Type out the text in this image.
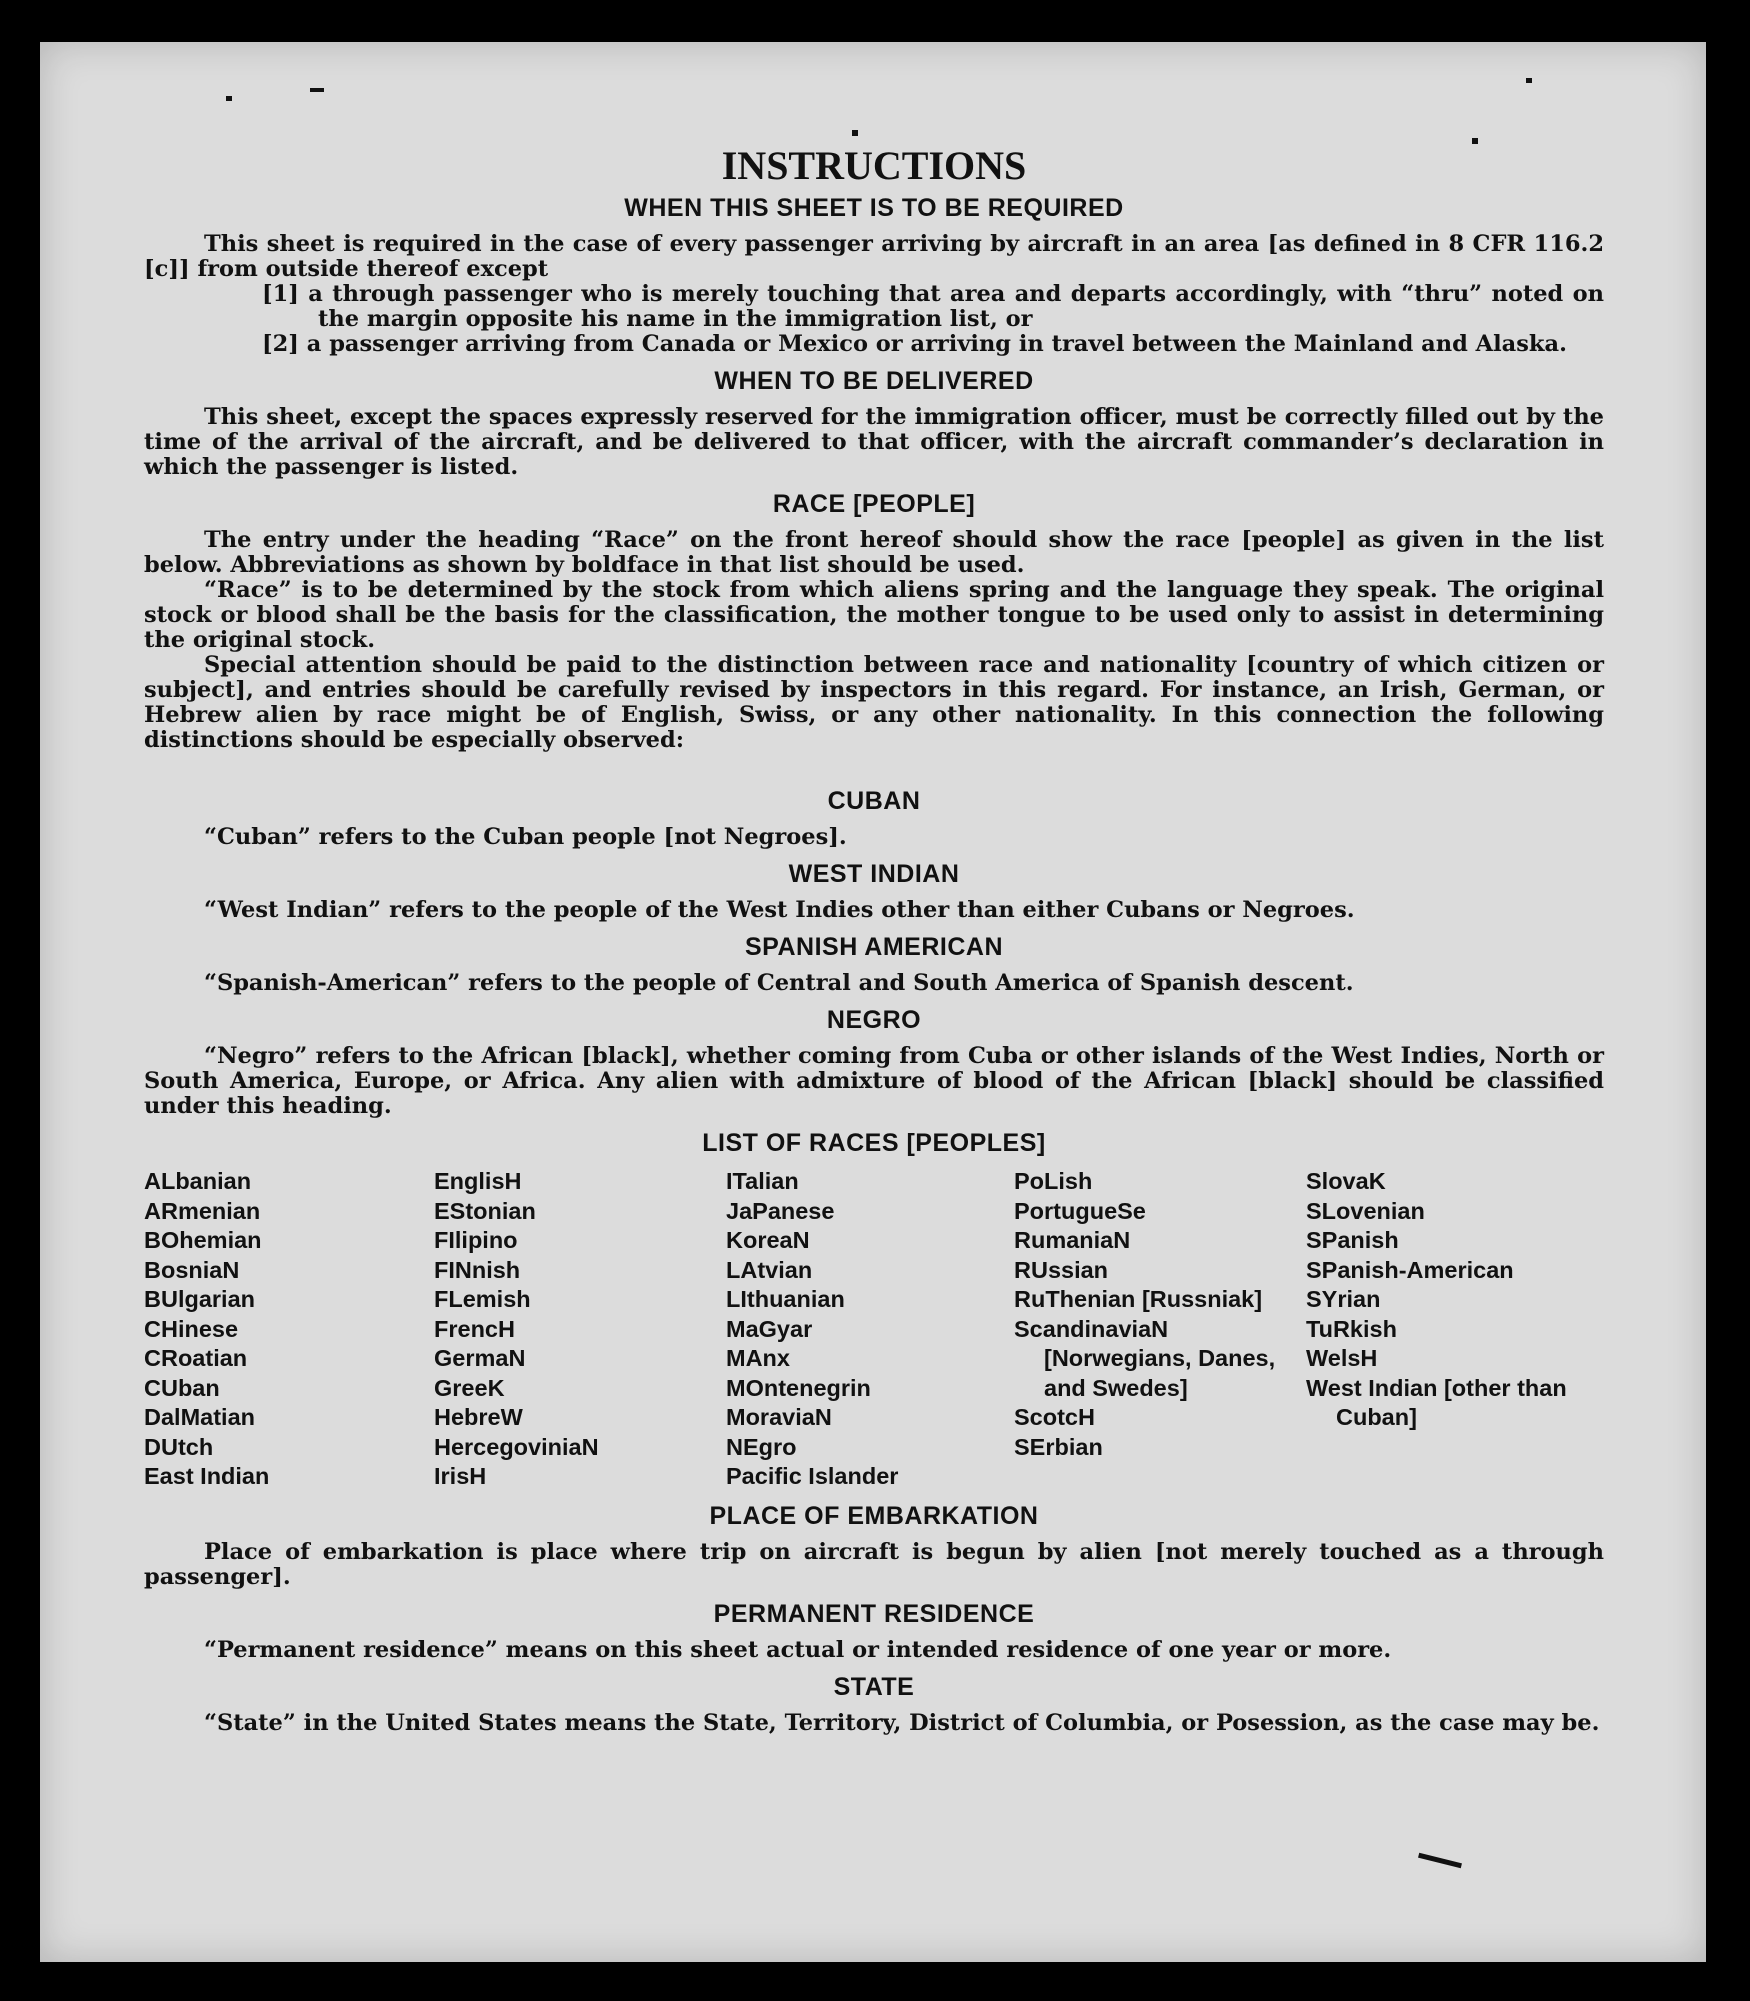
INSTRUCTIONS
WHEN THIS SHEET IS TO BE REQUIRED

This sheet is required in the case of every passenger arriving by aircraft in an area [as defined in 8 CFR 116.2 [c]] from outside thereof except

[1] a through passenger who is merely touching that area and departs accordingly, with “thru” noted on the margin opposite his name in the immigration list, or
[2] a passenger arriving from Canada or Mexico or arriving in travel between the Mainland and Alaska.
WHEN TO BE DELIVERED

This sheet, except the spaces expressly reserved for the immigration officer, must be correctly filled out by the time of the arrival of the aircraft, and be delivered to that officer, with the aircraft commander’s declaration in which the passenger is listed.

RACE [PEOPLE]

The entry under the heading “Race” on the front hereof should show the race [people] as given in the list below. Abbreviations as shown by boldface in that list should be used.

“Race” is to be determined by the stock from which aliens spring and the language they speak. The original stock or blood shall be the basis for the classification, the mother tongue to be used only to assist in determining the original stock.

Special attention should be paid to the distinction between race and nationality [country of which citizen or subject], and entries should be carefully revised by inspectors in this regard. For instance, an Irish, German, or Hebrew alien by race might be of English, Swiss, or any other nationality. In this connection the following distinctions should be especially observed:

CUBAN

“Cuban” refers to the Cuban people [not Negroes].

WEST INDIAN

“West Indian” refers to the people of the West Indies other than either Cubans or Negroes.

SPANISH AMERICAN

“Spanish-American” refers to the people of Central and South America of Spanish descent.

NEGRO

“Negro” refers to the African [black], whether coming from Cuba or other islands of the West Indies, North or South America, Europe, or Africa. Any alien with admixture of blood of the African [black] should be classified under this heading.

LIST OF RACES [PEOPLES]
ALbanian
ARmenian
BOhemian
BosniaN
BUlgarian
CHinese
CRoatian
CUban
DalMatian
DUtch
East Indian
EnglisH
EStonian
FIlipino
FINnish
FLemish
FrencH
GermaN
GreeK
HebreW
HercegoviniaN
IrisH
ITalian
JaPanese
KoreaN
LAtvian
LIthuanian
MaGyar
MAnx
MOntenegrin
MoraviaN
NEgro
Pacific Islander
PoLish
PortugueSe
RumaniaN
RUssian
RuThenian [Russniak]
ScandinaviaN [Norwegians, Danes, and Swedes]
ScotcH
SErbian
SlovaK
SLovenian
SPanish
SPanish-American
SYrian
TuRkish
WelsH
West Indian [other than Cuban]
PLACE OF EMBARKATION

Place of embarkation is place where trip on aircraft is begun by alien [not merely touched as a through passenger].

PERMANENT RESIDENCE

“Permanent residence” means on this sheet actual or intended residence of one year or more.

STATE

“State” in the United States means the State, Territory, District of Columbia, or Posession, as the case may be.
